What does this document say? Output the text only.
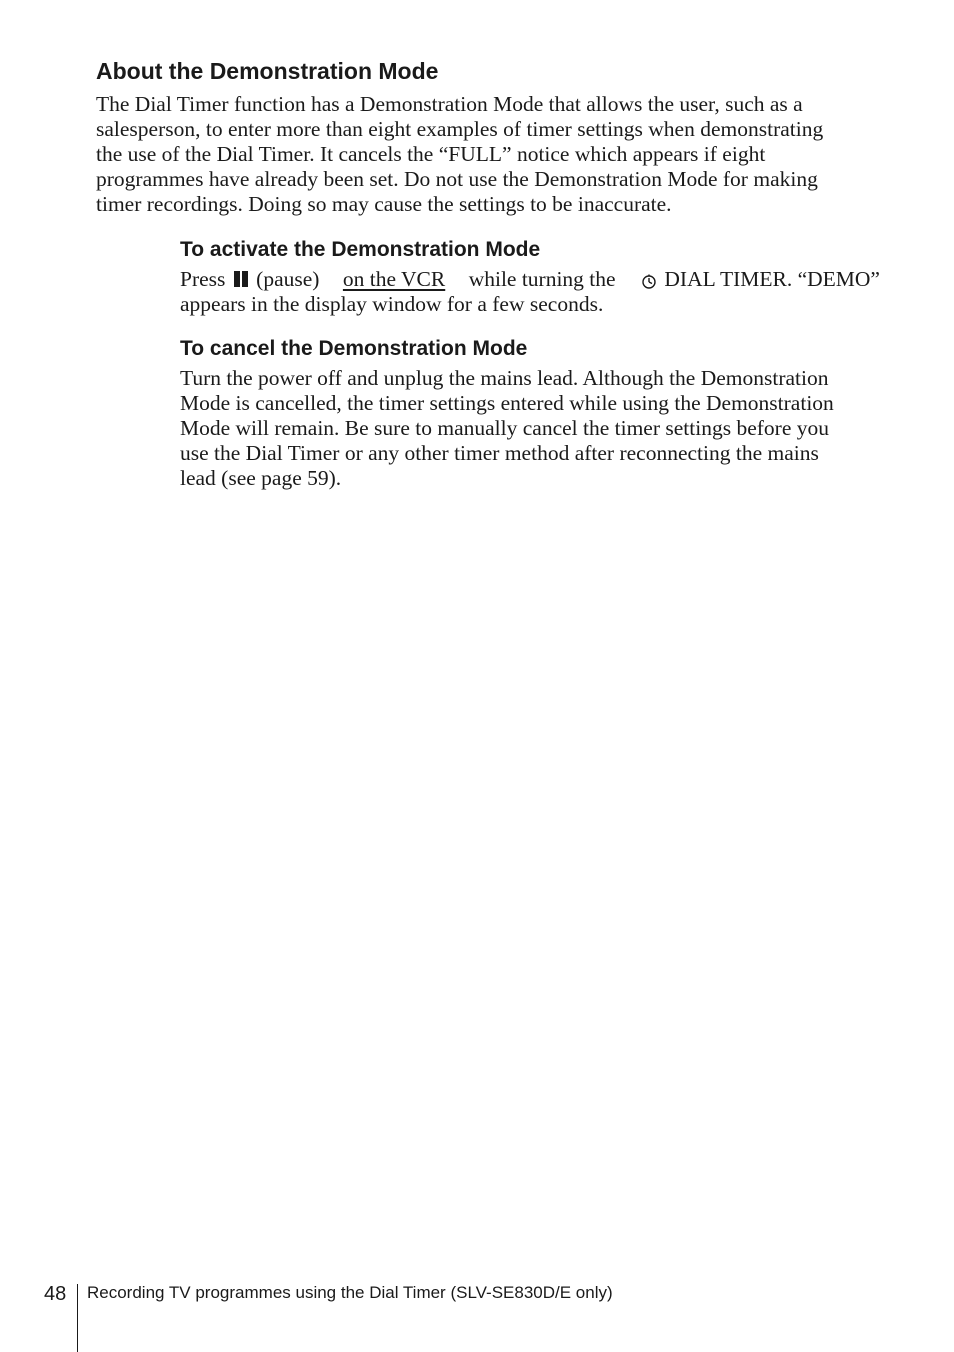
About the Demonstration Mode

The Dial Timer function has a Demonstration Mode that allows the user, such as a
salesperson, to enter more than eight examples of timer settings when demonstrating
the use of the Dial Timer. It cancels the “FULL” notice which appears if eight
programmes have already been set. Do not use the Demonstration Mode for making
timer recordings. Doing so may cause the settings to be inaccurate.

To activate the Demonstration Mode

Press (pause) on the VCR while turning the	DIAL TIMER. “DEMO”
appears in the display window for a few seconds.

To cancel the Demonstration Mode

Turn the power off and unplug the mains lead. Although the Demonstration
Mode is cancelled, the timer settings entered while using the Demonstration
Mode will remain. Be sure to manually cancel the timer settings before you
use the Dial Timer or any other timer method after reconnecting the mains
lead (see page 59).

48 Recording TV programmes using the Dial Timer (SLV-SE830D/E only)
